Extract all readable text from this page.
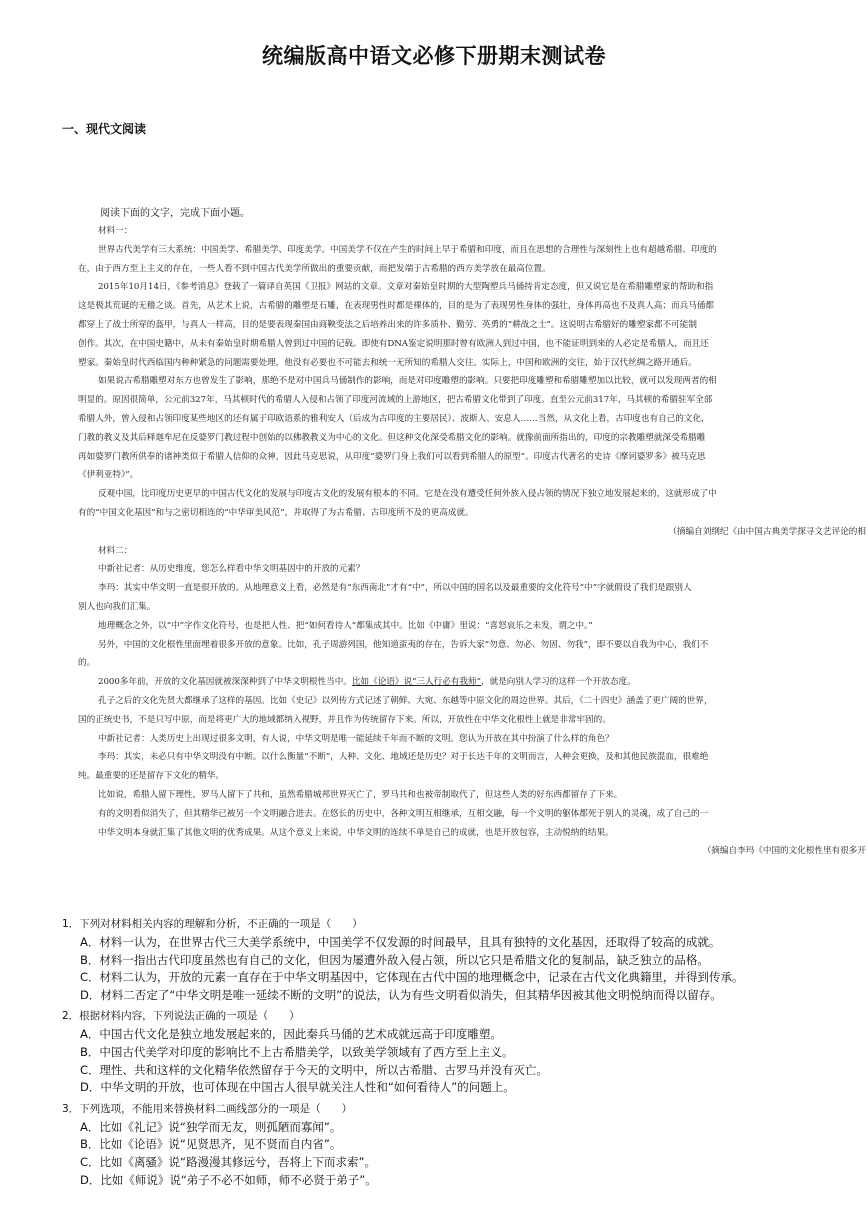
统编版高中语文必修下册期末测试卷
一、现代文阅读
阅读下面的文字，完成下面小题。
材料一：
世界古代美学有三大系统：中国美学、希腊美学、印度美学。中国美学不仅在产生的时间上早于希腊和印度，而且在思想的合理性与深刻性上也有超越希腊、印度的
在，由于西方至上主义的存在，一些人看不到中国古代美学所做出的重要贡献，而把发端于古希腊的西方美学放在最高位置。
2015年10月14日，《参考消息》登载了一篇译自英国《卫报》网站的文章。文章对秦始皇时期的大型陶塑兵马俑持肯定态度，但又说它是在希腊雕塑家的帮助和指
这是极其荒诞的无稽之谈。首先，从艺术上说，古希腊的雕塑是石雕，在表现男性时都是裸体的，目的是为了表现男性身体的强壮，身体再高也不及真人高；而兵马俑都
都穿上了战士所穿的盔甲，与真人一样高，目的是要表现秦国由商鞅变法之后培养出来的许多质朴、勤劳、英勇的“耕战之士”。这说明古希腊好的雕塑家都不可能制
创作。其次，在中国史籍中，从未有秦始皇时期希腊人曾到过中国的记载。即使有DNA鉴定说明那时曾有欧洲人到过中国，也不能证明到来的人必定是希腊人，而且还
塑家。秦始皇时代西临国内种种紧急的问题需要处理，他没有必要也不可能去和统一无所知的希腊人交往。实际上，中国和欧洲的交往，始于汉代丝绸之路开通后。
如果说古希腊雕塑对东方也曾发生了影响，那绝不是对中国兵马俑制作的影响，而是对印度雕塑的影响。只要把印度雕塑和希腊雕塑加以比较，就可以发现两者的相
明显的。原因很简单，公元前327年，马其顿时代的希腊人入侵和占领了印度河流域的上游地区，把古希腊文化带到了印度。直至公元前317年，马其顿的希腊驻军全部
希腊人外，曾入侵和占领印度某些地区的还有属于印欧语系的雅利安人（后成为古印度的主要居民）、波斯人、安息人……当然，从文化上看，古印度也有自己的文化，
门教的教义及其后释迦牟尼在反婆罗门教过程中创始的以佛教教义为中心的文化。但这种文化深受希腊文化的影响。就像前面所指出的，印度的宗教雕塑就深受希腊雕
再如婆罗门教所供奉的诸神类似于希腊人信仰的众神，因此马克思说，从印度“婆罗门身上我们可以看到希腊人的原型”。印度古代著名的史诗《摩诃婆罗多》被马克思
《伊利亚特》”。
反观中国，比印度历史更早的中国古代文化的发展与印度古文化的发展有根本的不同。它是在没有遭受任何外族入侵占领的情况下独立地发展起来的，这就形成了中
有的“中国文化基因”和与之密切相连的“中华审美风范”，并取得了为古希腊、古印度所不及的更高成就。
（摘编自刘纲纪《由中国古典美学探寻文艺评论的相
材料二：
中新社记者：从历史维度，您怎么样看中华文明基因中的开放的元素？
李玛：其实中华文明一直是很开放的。从地理意义上看，必然是有“东西南北”才有“中”，所以中国的国名以及最重要的文化符号“中”字就假设了我们是跟别人
别人也向我们汇集。
地理概念之外，以“中”字作文化符号，也是把人性、把“如何看待人”都集成其中。比如《中庸》里说：“喜怒哀乐之未发，谓之中。”
另外，中国的文化根性里面埋着很多开放的意象。比如，孔子周游列国，他知道蛮夷的存在，告诉大家“勿意、勿必、勿固、勿我”，即不要以自我为中心，我们不
的。
2000多年前，开放的文化基因就被深深种到了中华文明根性当中。比如《论语》说“三人行必有我师”，就是向别人学习的这样一个开放态度。
孔子之后的文化先贤大都继承了这样的基因。比如《史记》以列传方式记述了朝鲜、大宛、东越等中原文化的周边世界。其后，《二十四史》涵盖了更广阔的世界，
国的正统史书，不是只写中原，而是将更广大的地域都纳入视野，并且作为传统留存下来。所以，开放性在中华文化根性上就是非常牢固的。
中新社记者：人类历史上出现过很多文明，有人说，中华文明是唯一能延续千年而不断的文明。您认为开放在其中扮演了什么样的角色？
李玛：其实，未必只有中华文明没有中断。以什么衡量“不断”，人种、文化、地域还是历史？对于长达千年的文明而言，人种会更换，及和其他民族混血，很难绝
纯。最重要的还是留存下文化的精华。
比如说，希腊人留下理性，罗马人留下了共和，虽然希腊城邦世界灭亡了，罗马共和也被帝制取代了，但这些人类的好东西都留存了下来。
有的文明看似消失了，但其精华已被另一个文明融合进去。在悠长的历史中，各种文明互相继承，互相交融，每一个文明的躯体都死于别人的灵魂，成了自己的一
中华文明本身就汇集了其他文明的优秀成果。从这个意义上来说，中华文明的连续不单是自己的成就，也是开放包容，主动悦纳的结果。
（摘编自李玛《中国的文化根性里有很多开
1．下列对材料相关内容的理解和分析，不正确的一项是（　　）
A．材料一认为，在世界古代三大美学系统中，中国美学不仅发源的时间最早，且具有独特的文化基因，还取得了较高的成就。
B．材料一指出古代印度虽然也有自己的文化，但因为屡遭外敌入侵占领，所以它只是希腊文化的复制品，缺乏独立的品格。
C．材料二认为，开放的元素一直存在于中华文明基因中，它体现在古代中国的地理概念中，记录在古代文化典籍里，并得到传承。
D．材料二否定了“中华文明是唯一延续不断的文明”的说法，认为有些文明看似消失，但其精华因被其他文明悦纳而得以留存。
2．根据材料内容，下列说法正确的一项是（　　）
A．中国古代文化是独立地发展起来的，因此秦兵马俑的艺术成就远高于印度雕塑。
B．中国古代美学对印度的影响比不上古希腊美学，以致美学领域有了西方至上主义。
C．理性、共和这样的文化精华依然留存于今天的文明中，所以古希腊、古罗马并没有灭亡。
D．中华文明的开放，也可体现在中国古人很早就关注人性和“如何看待人”的问题上。
3．下列选项，不能用来替换材料二画线部分的一项是（　　）
A．比如《礼记》说“独学而无友，则孤陋而寡闻”。
B．比如《论语》说“见贤思齐，见不贤而自内省”。
C．比如《离骚》说“路漫漫其修远兮，吾将上下而求索”。
D．比如《师说》说“弟子不必不如师，师不必贤于弟子”。
